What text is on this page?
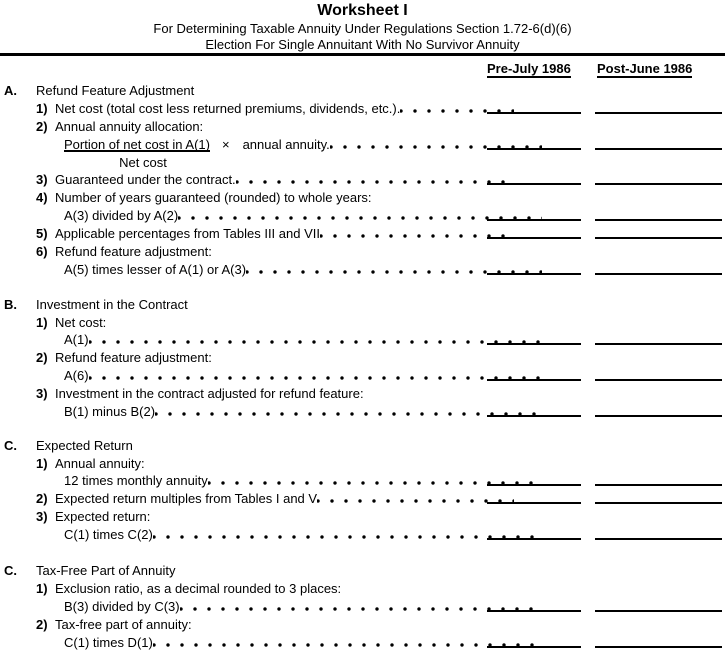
Worksheet I
For Determining Taxable Annuity Under Regulations Section 1.72-6(d)(6)
Election For Single Annuitant With No Survivor Annuity
Pre-July 1986 Post-June 1986
A.	Refund Feature Adjustment
1) Net cost (total cost less returned premiums, dividends, etc.).
2) Annual annuity allocation:
Portion of net cost in A(1) × annual annuity.
Net cost
3) Guaranteed under the contract.
4) Number of years guaranteed (rounded) to whole years:
A(3) divided by A(2)
5) Applicable percentages from Tables III and VII
6) Refund feature adjustment:
A(5) times lesser of A(1) or A(3)
B.	Investment in the Contract
1) Net cost:
A(1)
2) Refund feature adjustment:
A(6)
3) Investment in the contract adjusted for refund feature:
B(1) minus B(2)
C.	Expected Return
1) Annual annuity:
12 times monthly annuity
2) Expected return multiples from Tables I and V
3) Expected return:
C(1) times C(2)
C.	Tax-Free Part of Annuity
1) Exclusion ratio, as a decimal rounded to 3 places:
B(3) divided by C(3)
2) Tax-free part of annuity:
C(1) times D(1)
